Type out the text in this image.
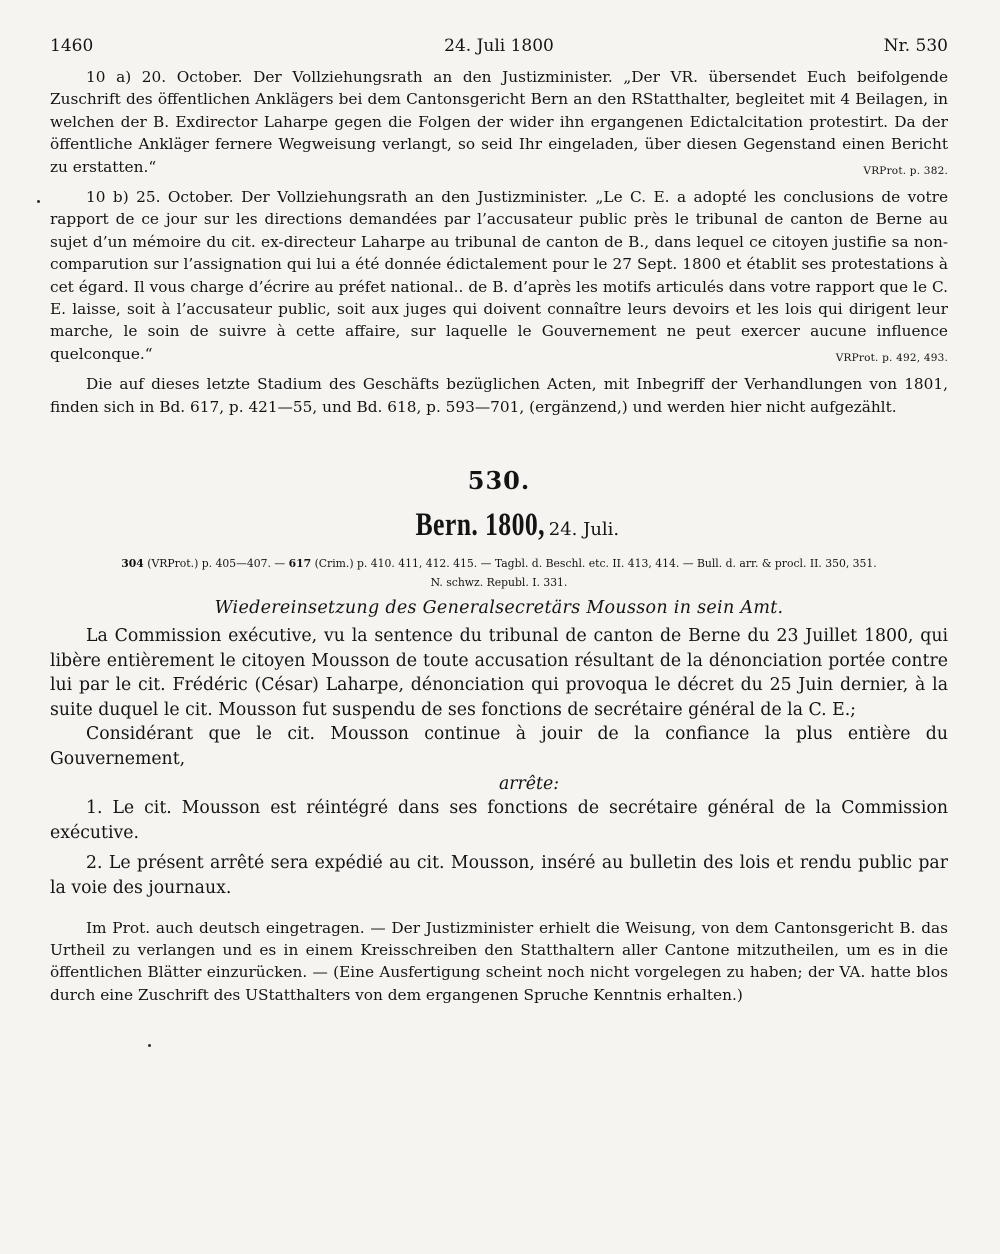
1460	24. Juli 1800	Nr. 530

10 a) 20. October. Der Vollziehungsrath an den Justizminister. „Der VR. übersendet Euch beifolgende Zuschrift des öffentlichen Anklägers bei dem Cantonsgericht Bern an den RStatthalter, begleitet mit 4 Beilagen, in welchen der B. Exdirector Laharpe gegen die Folgen der wider ihn ergangenen Edictalcitation protestirt. Da der öffentliche Ankläger fernere Wegweisung verlangt, so seid Ihr eingeladen, über diesen Gegenstand einen Bericht zu erstatten.“	VRProt. p. 382.

10 b) 25. October. Der Vollziehungsrath an den Justizminister. „Le C. E. a adopté les conclusions de votre rapport de ce jour sur les directions demandées par l’accusateur public près le tribunal de canton de Berne au sujet d’un mémoire du cit. ex-directeur Laharpe au tribunal de canton de B., dans lequel ce citoyen justifie sa non-comparution sur l’assignation qui lui a été donnée édictalement pour le 27 Sept. 1800 et établit ses protestations à cet égard. Il vous charge d’écrire au préfet national.. de B. d’après les motifs articulés dans votre rapport que le C. E. laisse, soit à l’accusateur public, soit aux juges qui doivent connaître leurs devoirs et les lois qui dirigent leur marche, le soin de suivre à cette affaire, sur laquelle le Gouvernement ne peut exercer aucune influence quelconque.“	VRProt. p. 492, 493.

Die auf dieses letzte Stadium des Geschäfts bezüglichen Acten, mit Inbegriff der Verhandlungen von 1801, finden sich in Bd. 617, p. 421—55, und Bd. 618, p. 593—701, (ergänzend,) und werden hier nicht aufgezählt.

530.
Bern. 1800, 24. Juli.
304 (VRProt.) p. 405—407. — 617 (Crim.) p. 410. 411, 412. 415. — Tagbl. d. Beschl. etc. II. 413, 414. — Bull. d. arr. & procl. II. 350, 351.
N. schwz. Republ. I. 331.
Wiedereinsetzung des Generalsecretärs Mousson in sein Amt.

La Commission exécutive, vu la sentence du tribunal de canton de Berne du 23 Juillet 1800, qui libère entièrement le citoyen Mousson de toute accusation résultant de la dénonciation portée contre lui par le cit. Frédéric (César) Laharpe, dénonciation qui provoqua le décret du 25 Juin dernier, à la suite duquel le cit. Mousson fut suspendu de ses fonctions de secrétaire général de la C. E.;

Considérant que le cit. Mousson continue à jouir de la confiance la plus entière du Gouvernement,

arrête:

1. Le cit. Mousson est réintégré dans ses fonctions de secrétaire général de la Commission exécutive.

2. Le présent arrêté sera expédié au cit. Mousson, inséré au bulletin des lois et rendu public par la voie des journaux.

Im Prot. auch deutsch eingetragen. — Der Justizminister erhielt die Weisung, von dem Cantonsgericht B. das Urtheil zu verlangen und es in einem Kreisschreiben den Statthaltern aller Cantone mitzutheilen, um es in die öffentlichen Blätter einzurücken. — (Eine Ausfertigung scheint noch nicht vorgelegen zu haben; der VA. hatte blos durch eine Zuschrift des UStatthalters von dem ergangenen Spruche Kenntnis erhalten.)
